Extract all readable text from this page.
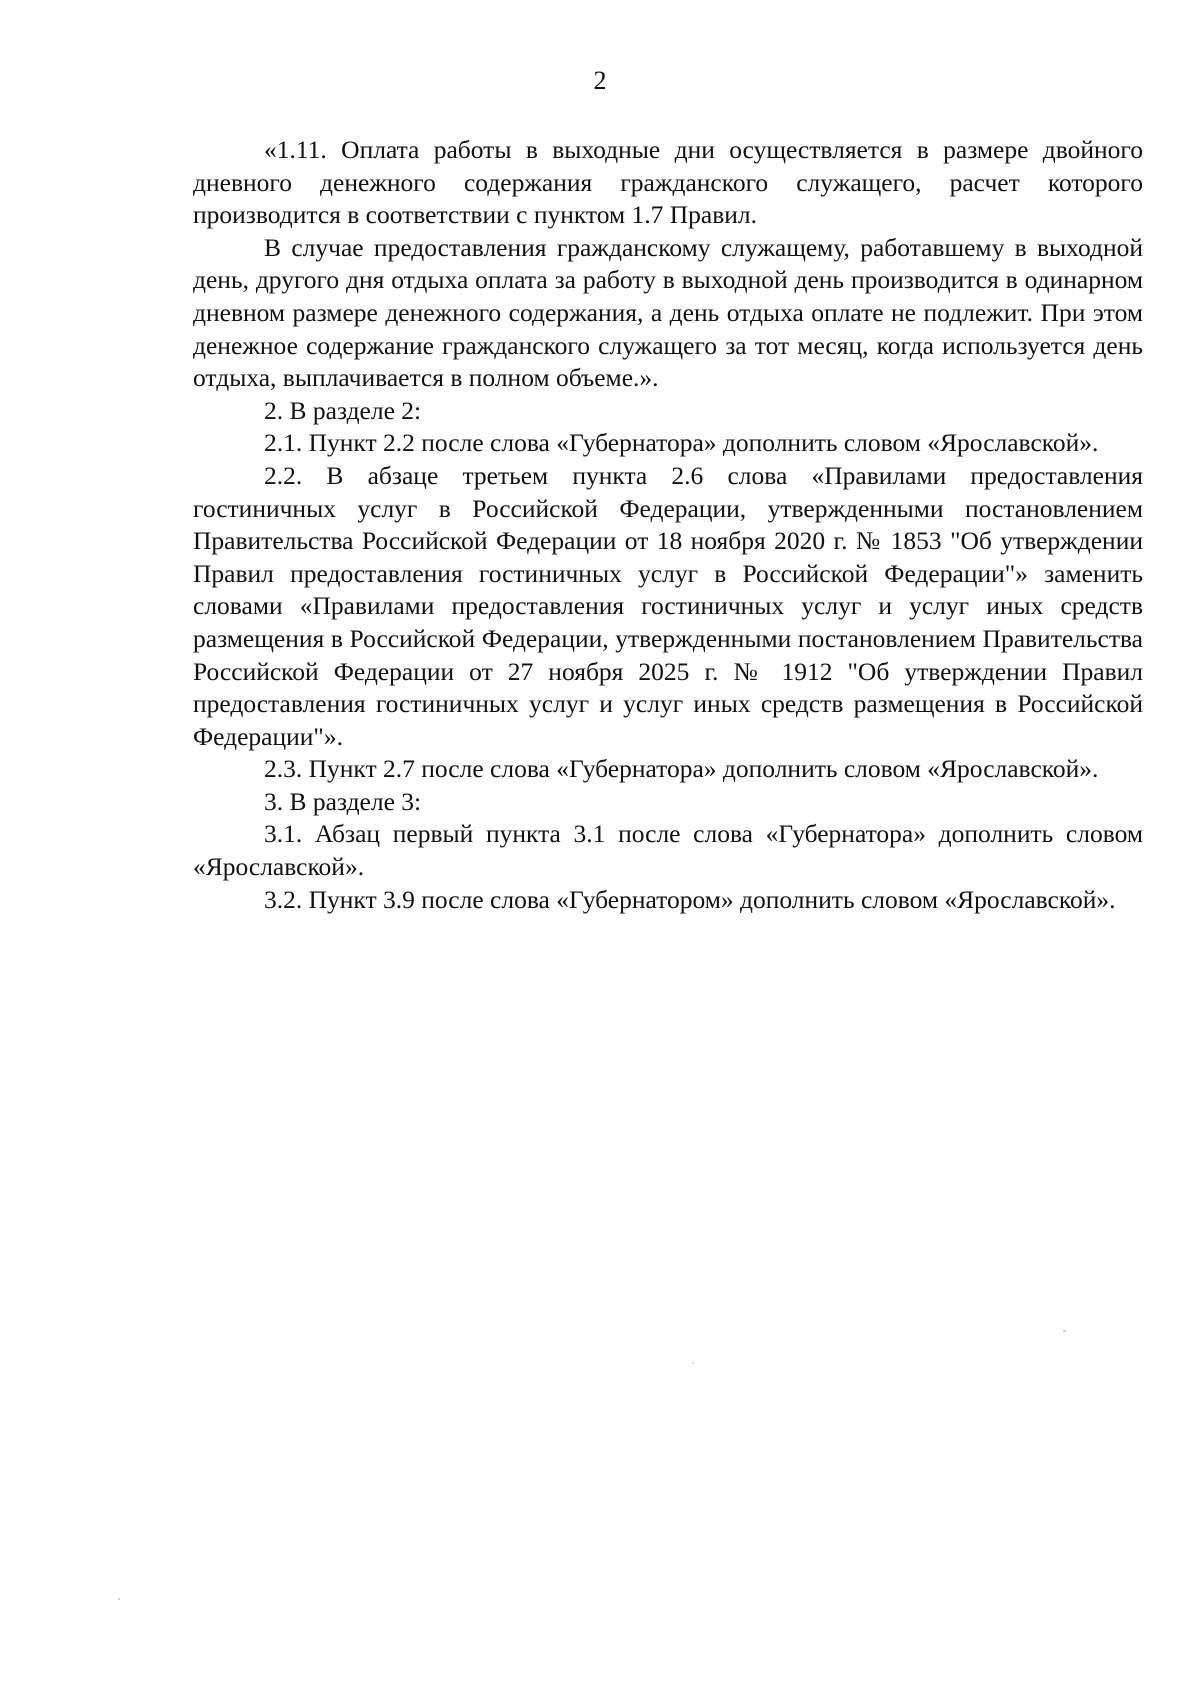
2

«1.11. Оплата работы в выходные дни осуществляется в размере двойного дневного денежного содержания гражданского служащего, расчет которого производится в соответствии с пунктом 1.7 Правил.

В случае предоставления гражданскому служащему, работавшему в выходной день, другого дня отдыха оплата за работу в выходной день производится в одинарном дневном размере денежного содержания, а день отдыха оплате не подлежит. При этом денежное содержание гражданского служащего за тот месяц, когда используется день отдыха, выплачивается в полном объеме.».

2. В разделе 2:

2.1. Пункт 2.2 после слова «Губернатора» дополнить словом «Ярославской».

2.2. В абзаце третьем пункта 2.6 слова «Правилами предоставления гостиничных услуг в Российской Федерации, утвержденными постановлением Правительства Российской Федерации от 18 ноября 2020 г. № 1853 "Об утверждении Правил предоставления гостиничных услуг в Российской Федерации"» заменить словами «Правилами предоставления гостиничных услуг и услуг иных средств размещения в Российской Федерации, утвержденными постановлением Правительства Российской Федерации от 27 ноября 2025 г. № 1912 "Об утверждении Правил предоставления гостиничных услуг и услуг иных средств размещения в Российской Федерации"».

2.3. Пункт 2.7 после слова «Губернатора» дополнить словом «Ярославской».

3. В разделе 3:

3.1. Абзац первый пункта 3.1 после слова «Губернатора» дополнить словом «Ярославской».

3.2. Пункт 3.9 после слова «Губернатором» дополнить словом «Ярославской».
